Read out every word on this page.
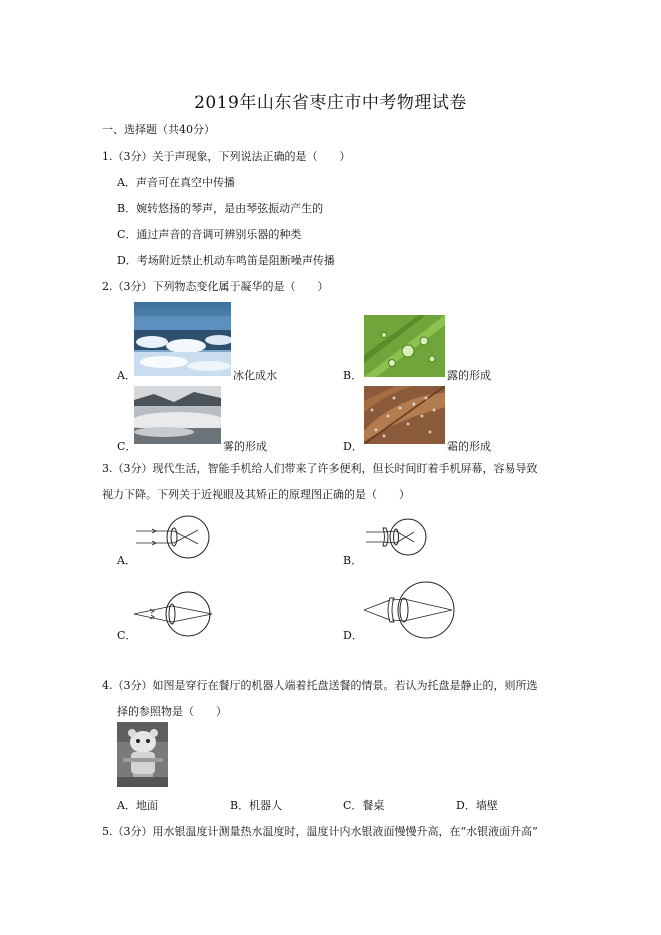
2019年山东省枣庄市中考物理试卷
一、选择题（共40分）
1.（3分）关于声现象，下列说法正确的是（　　）
A．声音可在真空中传播
B．婉转悠扬的琴声，是由琴弦振动产生的
C．通过声音的音调可辨别乐器的种类
D．考场附近禁止机动车鸣笛是阻断噪声传播
2.（3分）下列物态变化属于凝华的是（　　）
A．	冰化成水	B．	露的形成
C．	雾的形成	D．	霜的形成
3.（3分）现代生活，智能手机给人们带来了许多便利，但长时间盯着手机屏幕，容易导致
视力下降。下列关于近视眼及其矫正的原理图正确的是（　　）
A．	B．
C．	D．
4.（3分）如图是穿行在餐厅的机器人端着托盘送餐的情景。若认为托盘是静止的，则所选
择的参照物是（　　）
A．地面	B．机器人	C．餐桌	D．墙壁
5.（3分）用水银温度计测量热水温度时，温度计内水银液面慢慢升高，在“水银液面升高”
